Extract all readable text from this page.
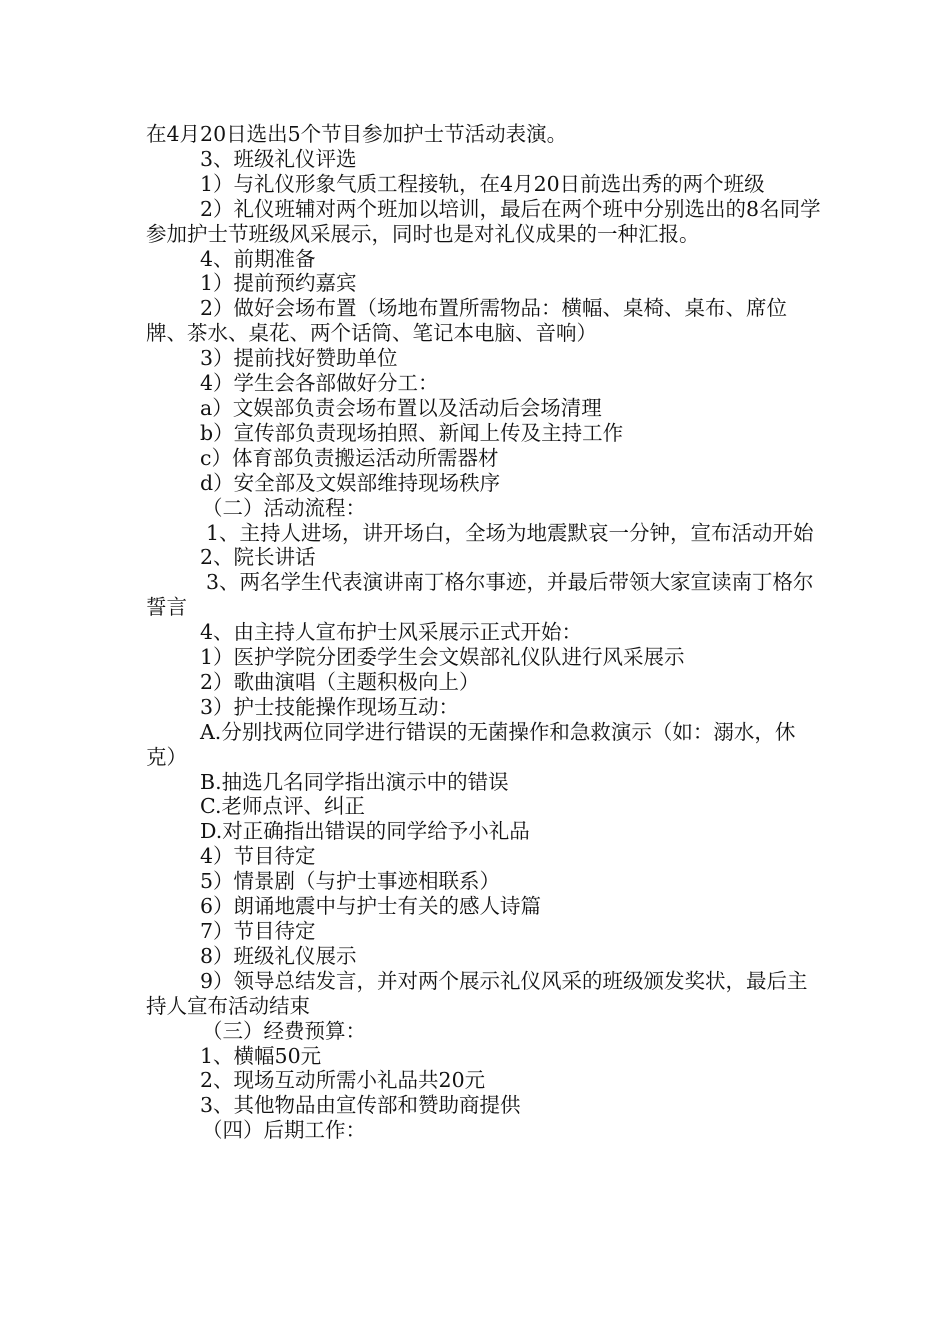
在4月20日选出5个节目参加护士节活动表演。

3、班级礼仪评选

1）与礼仪形象气质工程接轨，在4月20日前选出秀的两个班级

2）礼仪班辅对两个班加以培训，最后在两个班中分别选出的8名同学参加护士节班级风采展示，同时也是对礼仪成果的一种汇报。

4、前期准备

1）提前预约嘉宾

2）做好会场布置（场地布置所需物品：横幅、桌椅、桌布、席位牌、茶水、桌花、两个话筒、笔记本电脑、音响）

3）提前找好赞助单位

4）学生会各部做好分工：

a）文娱部负责会场布置以及活动后会场清理

b）宣传部负责现场拍照、新闻上传及主持工作

c）体育部负责搬运活动所需器材

d）安全部及文娱部维持现场秩序

（二）活动流程：

1、主持人进场，讲开场白，全场为地震默哀一分钟，宣布活动开始

2、院长讲话

3、两名学生代表演讲南丁格尔事迹，并最后带领大家宣读南丁格尔誓言

4、由主持人宣布护士风采展示正式开始：

1）医护学院分团委学生会文娱部礼仪队进行风采展示

2）歌曲演唱（主题积极向上）

3）护士技能操作现场互动：

A.分别找两位同学进行错误的无菌操作和急救演示（如：溺水，休克）

B.抽选几名同学指出演示中的错误

C.老师点评、纠正

D.对正确指出错误的同学给予小礼品

4）节目待定

5）情景剧（与护士事迹相联系）

6）朗诵地震中与护士有关的感人诗篇

7）节目待定

8）班级礼仪展示

9）领导总结发言，并对两个展示礼仪风采的班级颁发奖状，最后主持人宣布活动结束

（三）经费预算：

1、横幅50元

2、现场互动所需小礼品共20元

3、其他物品由宣传部和赞助商提供

（四）后期工作：
